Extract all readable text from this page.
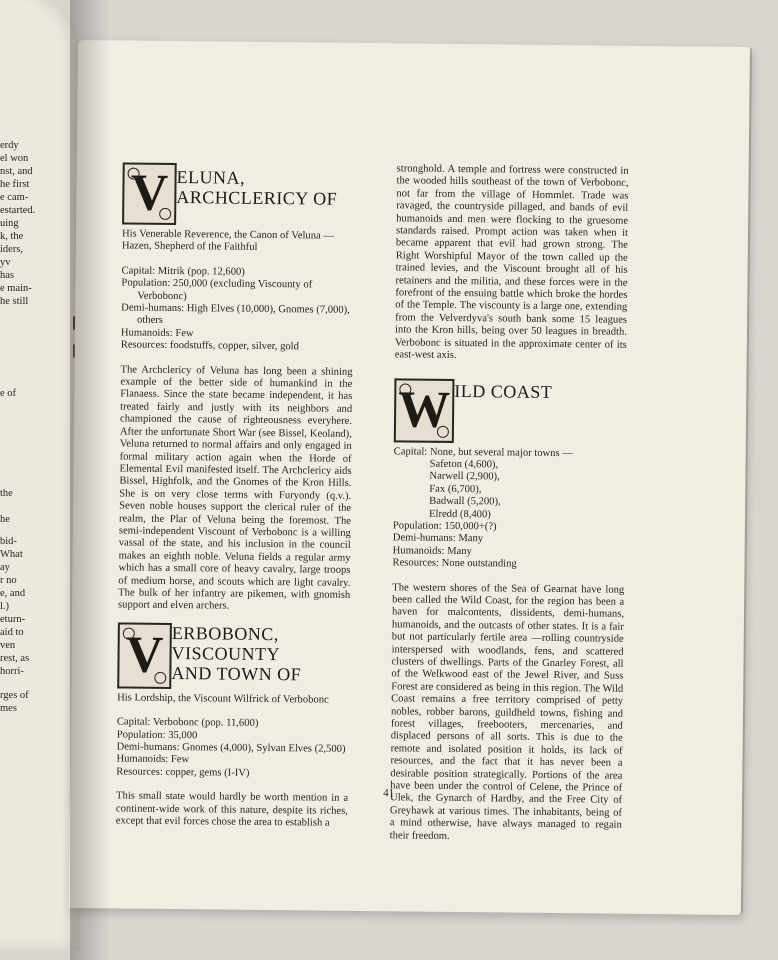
erdy
el won
nst, and
he first
e cam-
estarted.
uing
k, the
iders,
yv
has
e main-
he still
e of
the
he
bid-
What
ay
r no
e, and
l.)
eturn-
aid to
ven
rest, as
horri-
rges of
mes
V ELUNA,
ARCHCLERICY OF
His Venerable Reverence, the Canon of Veluna —
Hazen, Shepherd of the Faithful
Capital: Mitrik (pop. 12,600)
Population: 250,000 (excluding Viscounty of
Verbobonc)
Demi-humans: High Elves (10,000), Gnomes (7,000),
others
Humanoids: Few
Resources: foodstuffs, copper, silver, gold

The Archclericy of Veluna has long been a shining example of the better side of humankind in the Flanaess. Since the state became independent, it has treated fairly and justly with its neighbors and championed the cause of righteousness everyhere. After the unfortunate Short War (see Bissel, Keoland), Veluna returned to normal affairs and only engaged in formal military action again when the Horde of Elemental Evil manifested itself. The Archclericy aids Bissel, Highfolk, and the Gnomes of the Kron Hills. She is on very close terms with Furyondy (q.v.). Seven noble houses support the clerical ruler of the realm, the Plar of Veluna being the foremost. The semi-independent Viscount of Verbobonc is a willing vassal of the state, and his inclusion in the council makes an eighth noble. Veluna fields a regular army which has a small core of heavy cavalry, large troops of medium horse, and scouts which are light cavalry. The bulk of her infantry are pikemen, with gnomish support and elven archers.

V ERBOBONC,
VISCOUNTY
AND TOWN OF
His Lordship, the Viscount Wilfrick of Verbobonc
Capital: Verbobonc (pop. 11,600)
Population: 35,000
Demi-humans: Gnomes (4,000), Sylvan Elves (2,500)
Humanoids: Few
Resources: copper, gems (I-IV)

This small state would hardly be worth mention in a continent-wide work of this nature, despite its riches, except that evil forces chose the area to establish a

stronghold. A temple and fortress were constructed in the wooded hills southeast of the town of Verbobonc, not far from the village of Hommlet. Trade was ravaged, the countryside pillaged, and bands of evil humanoids and men were flocking to the gruesome standards raised. Prompt action was taken when it became apparent that evil had grown strong. The Right Worshipful Mayor of the town called up the trained levies, and the Viscount brought all of his retainers and the militia, and these forces were in the forefront of the ensuing battle which broke the hordes of the Temple. The viscounty is a large one, extending from the Velverdyva's south bank some 15 leagues into the Kron hills, being over 50 leagues in breadth. Verbobonc is situated in the approximate center of its east-west axis.

W ILD COAST
Capital: None, but several major towns —
Safeton (4,600),
Narwell (2,900),
Fax (6,700),
Badwall (5,200),
Elredd (8,400)
Population: 150,000+(?)
Demi-humans: Many
Humanoids: Many
Resources: None outstanding

The western shores of the Sea of Gearnat have long been called the Wild Coast, for the region has been a haven for malcontents, dissidents, demi-humans, humanoids, and the outcasts of other states. It is a fair but not particularly fertile area —rolling countryside interspersed with woodlands, fens, and scattered clusters of dwellings. Parts of the Gnarley Forest, all of the Welkwood east of the Jewel River, and Suss Forest are considered as being in this region. The Wild Coast remains a free territory comprised of petty nobles, robber barons, guildheld towns, fishing and forest villages, freebooters, mercenaries, and displaced persons of all sorts. This is due to the remote and isolated position it holds, its lack of resources, and the fact that it has never been a desirable position strategically. Portions of the area have been under the control of Celene, the Prince of Ulek, the Gynarch of Hardby, and the Free City of Greyhawk at various times. The inhabitants, being of a mind otherwise, have always managed to regain their freedom.

41
